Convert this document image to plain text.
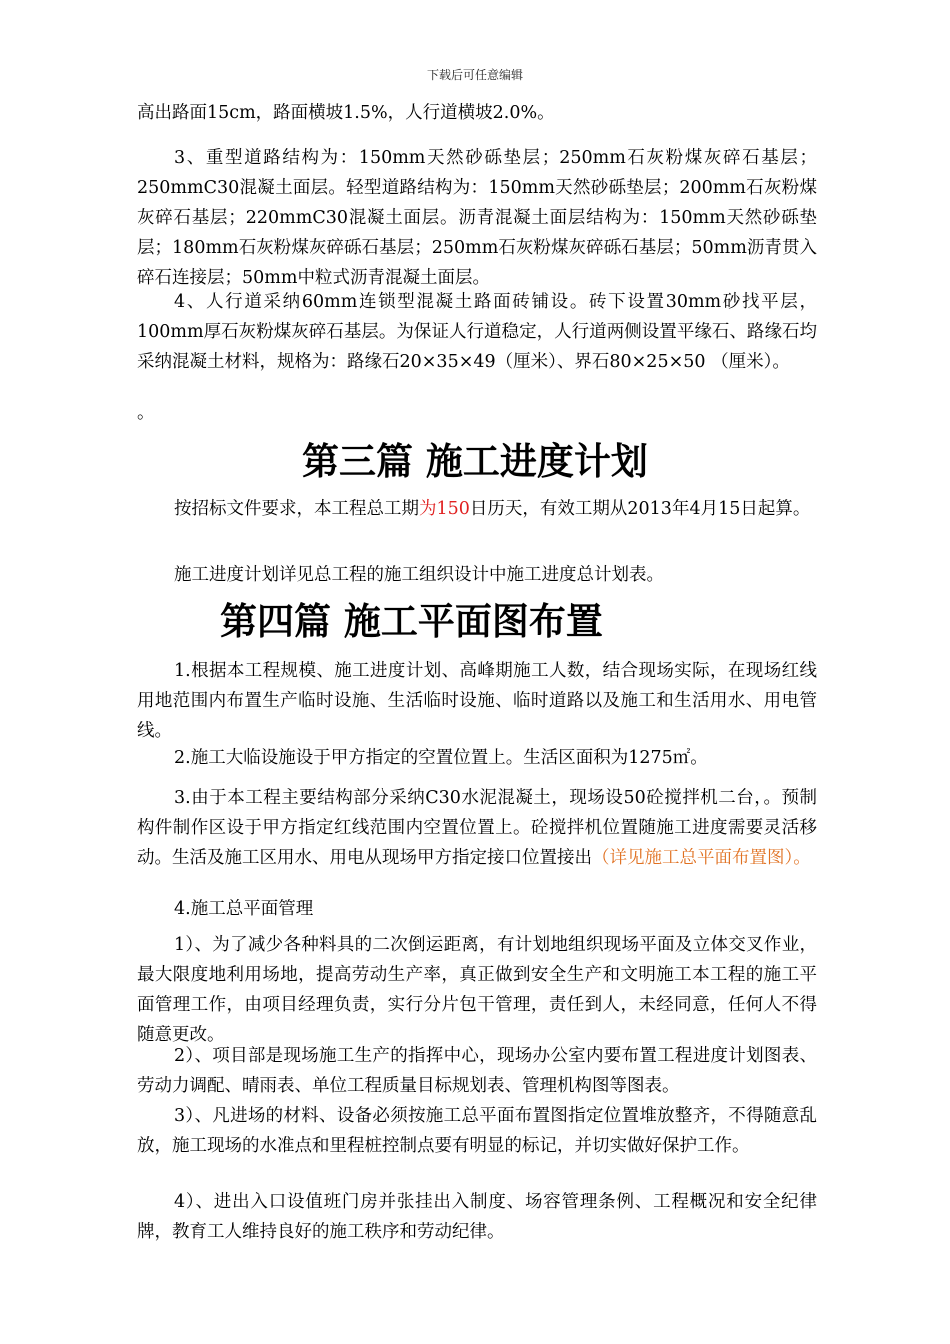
下载后可任意编辑
高出路面15cm，路面横坡1.5%，人行道横坡2.0%。
3、重型道路结构为：150mm天然砂砾垫层；250mm石灰粉煤灰碎石基层；250mmC30混凝土面层。轻型道路结构为：150mm天然砂砾垫层；200mm石灰粉煤灰碎石基层；220mmC30混凝土面层。沥青混凝土面层结构为：150mm天然砂砾垫层；180mm石灰粉煤灰碎砾石基层；250mm石灰粉煤灰碎砾石基层；50mm沥青贯入碎石连接层；50mm中粒式沥青混凝土面层。
4、人行道采纳60mm连锁型混凝土路面砖铺设。砖下设置30mm砂找平层，100mm厚石灰粉煤灰碎石基层。为保证人行道稳定，人行道两侧设置平缘石、路缘石均采纳混凝土材料，规格为：路缘石20×35×49（厘米）、界石80×25×50 （厘米）。
。
第三篇 施工进度计划
按招标文件要求，本工程总工期为150日历天，有效工期从2013年4月15日起算。
施工进度计划详见总工程的施工组织设计中施工进度总计划表。
第四篇 施工平面图布置
1.根据本工程规模、施工进度计划、高峰期施工人数，结合现场实际，在现场红线用地范围内布置生产临时设施、生活临时设施、临时道路以及施工和生活用水、用电管线。
2.施工大临设施设于甲方指定的空置位置上。生活区面积为1275㎡。
3.由于本工程主要结构部分采纳C30水泥混凝土，现场设50砼搅拌机二台，。预制构件制作区设于甲方指定红线范围内空置位置上。砼搅拌机位置随施工进度需要灵活移动。生活及施工区用水、用电从现场甲方指定接口位置接出（详见施工总平面布置图）。
4.施工总平面管理
1）、为了减少各种料具的二次倒运距离，有计划地组织现场平面及立体交叉作业，最大限度地利用场地，提高劳动生产率，真正做到安全生产和文明施工本工程的施工平面管理工作，由项目经理负责，实行分片包干管理，责任到人，未经同意，任何人不得随意更改。
2）、项目部是现场施工生产的指挥中心，现场办公室内要布置工程进度计划图表、劳动力调配、晴雨表、单位工程质量目标规划表、管理机构图等图表。
3）、凡进场的材料、设备必须按施工总平面布置图指定位置堆放整齐，不得随意乱放，施工现场的水准点和里程桩控制点要有明显的标记，并切实做好保护工作。
4）、进出入口设值班门房并张挂出入制度、场容管理条例、工程概况和安全纪律牌，教育工人维持良好的施工秩序和劳动纪律。
